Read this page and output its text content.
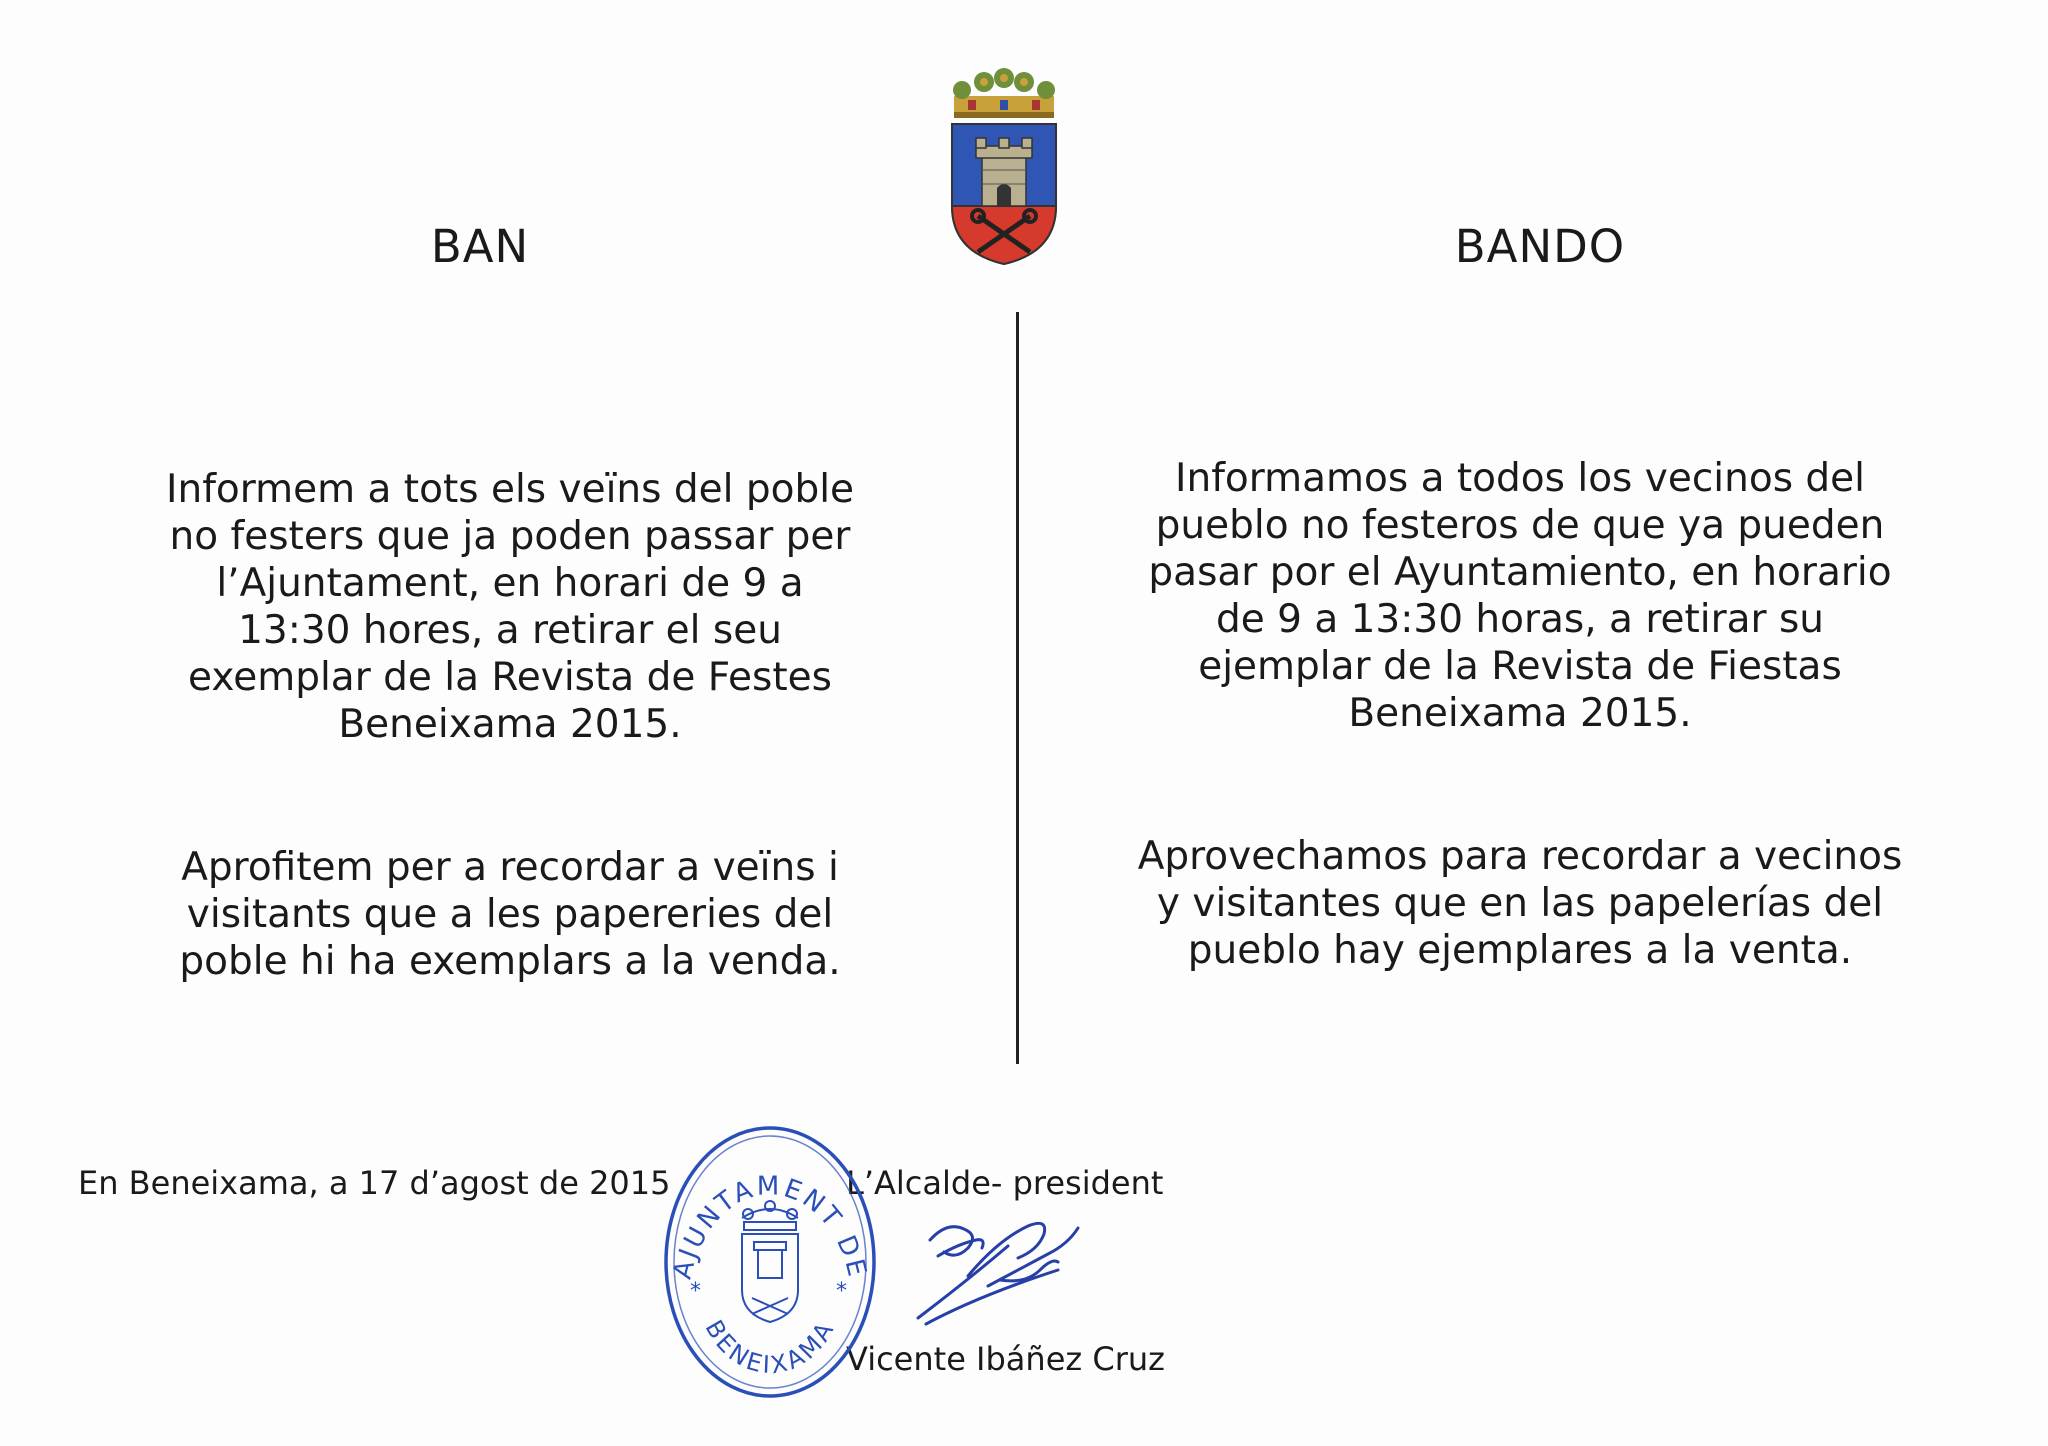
BAN	BANDO
Informem a tots els veïns del poble
no festers que ja poden passar per
l’Ajuntament, en horari de 9 a
13:30 hores, a retirar el seu
exemplar de la Revista de Festes
Beneixama 2015.
Aprofitem per a recordar a veïns i
visitants que a les papereries del
poble hi ha exemplars a la venda.
Informamos a todos los vecinos del
pueblo no festeros de que ya pueden
pasar por el Ayuntamiento, en horario
de 9 a 13:30 horas, a retirar su
ejemplar de la Revista de Fiestas
Beneixama 2015.
Aprovechamos para recordar a vecinos
y visitantes que en las papelerías del
pueblo hay ejemplares a la venta.
En Beneixama, a 17 d’agost de 2015	L’Alcalde- president
Vicente Ibáñez Cruz
AJUNTAMENT DE
BENEIXAMA
*	*
